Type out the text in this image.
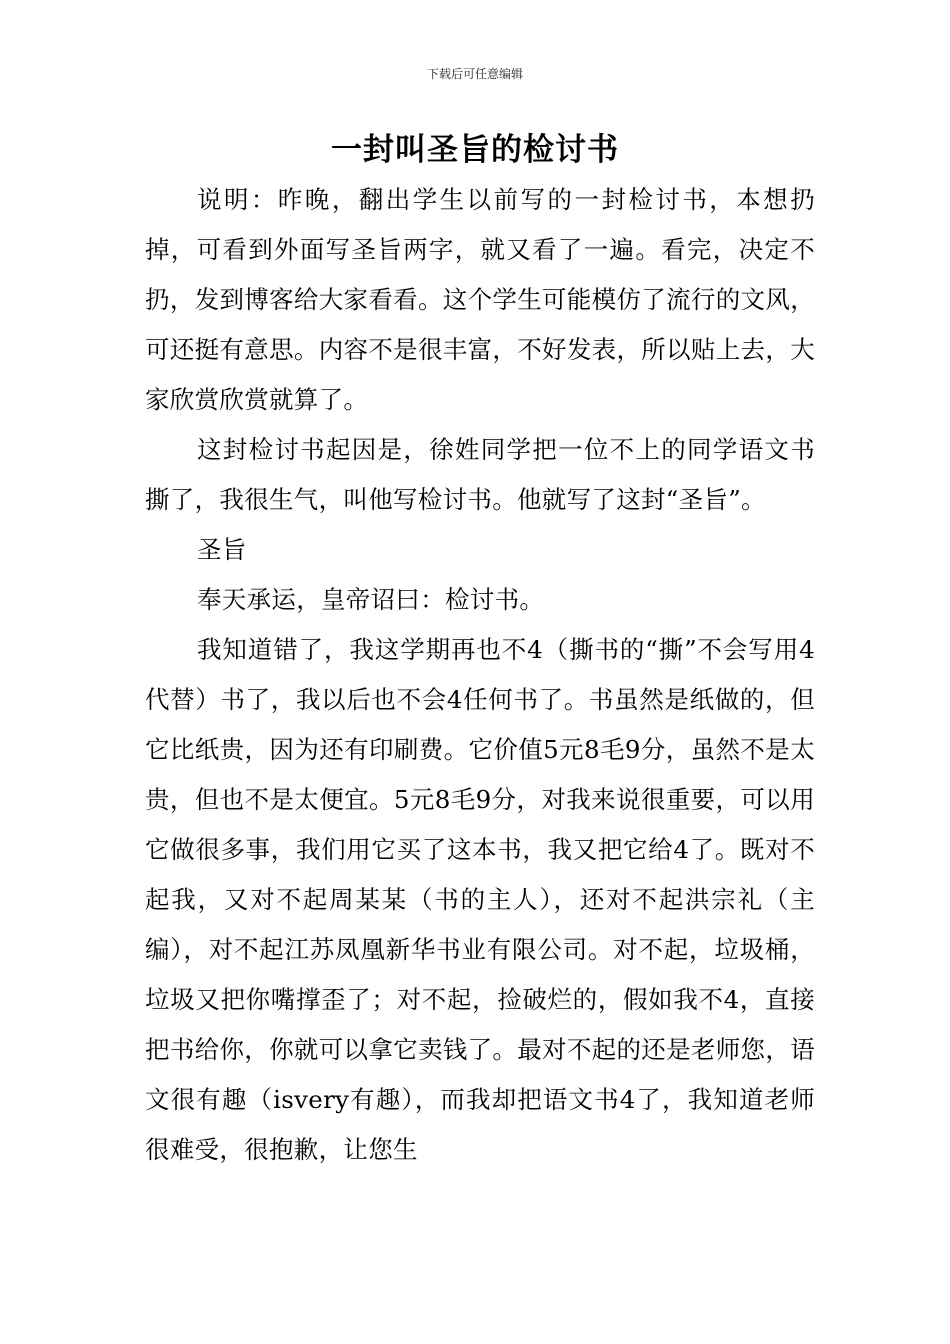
下载后可任意编辑
一封叫圣旨的检讨书

说明：昨晚，翻出学生以前写的一封检讨书，本想扔掉，可看到外面写圣旨两字，就又看了一遍。看完，决定不扔，发到博客给大家看看。这个学生可能模仿了流行的文风，可还挺有意思。内容不是很丰富，不好发表，所以贴上去，大家欣赏欣赏就算了。

这封检讨书起因是，徐姓同学把一位不上的同学语文书撕了，我很生气，叫他写检讨书。他就写了这封“圣旨”。

圣旨

奉天承运，皇帝诏曰：检讨书。

我知道错了，我这学期再也不4（撕书的“撕”不会写用4代替）书了，我以后也不会4任何书了。书虽然是纸做的，但它比纸贵，因为还有印刷费。它价值5元8毛9分，虽然不是太贵，但也不是太便宜。5元8毛9分，对我来说很重要，可以用它做很多事，我们用它买了这本书，我又把它给4了。既对不起我，又对不起周某某（书的主人），还对不起洪宗礼（主编），对不起江苏凤凰新华书业有限公司。对不起，垃圾桶，垃圾又把你嘴撑歪了；对不起，捡破烂的，假如我不4，直接把书给你，你就可以拿它卖钱了。最对不起的还是老师您，语文很有趣（isvery有趣），而我却把语文书4了，我知道老师很难受，很抱歉，让您生
